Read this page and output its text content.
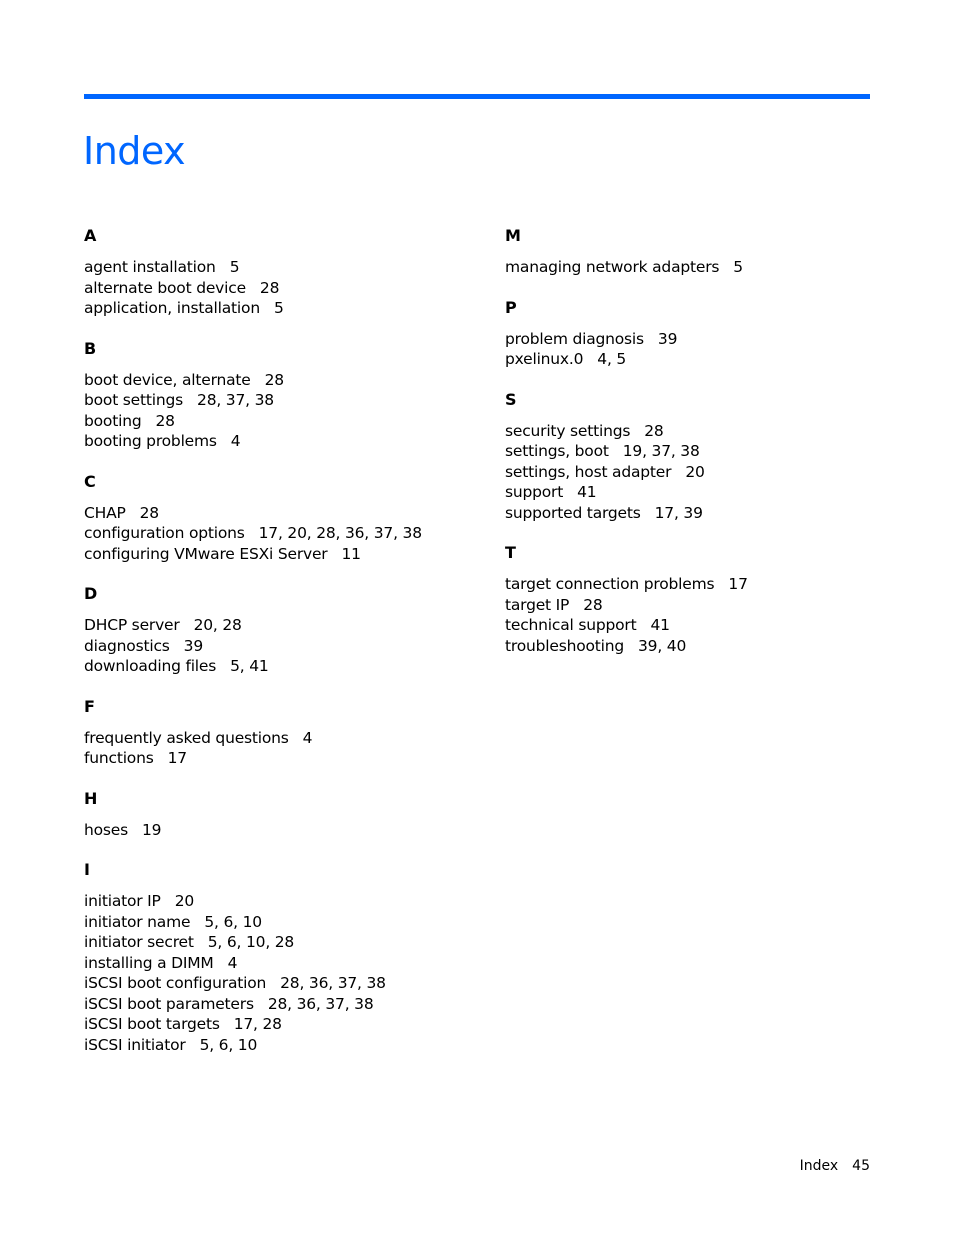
Index
A
agent installation 5
alternate boot device 28
application, installation 5
B
boot device, alternate 28
boot settings 28, 37, 38
booting 28
booting problems 4
C
CHAP 28
configuration options 17, 20, 28, 36, 37, 38
configuring VMware ESXi Server 11
D
DHCP server 20, 28
diagnostics 39
downloading files 5, 41
F
frequently asked questions 4
functions 17
H
hoses 19
I
initiator IP 20
initiator name 5, 6, 10
initiator secret 5, 6, 10, 28
installing a DIMM 4
iSCSI boot configuration 28, 36, 37, 38
iSCSI boot parameters 28, 36, 37, 38
iSCSI boot targets 17, 28
iSCSI initiator 5, 6, 10
M
managing network adapters 5
P
problem diagnosis 39
pxelinux.0 4, 5
S
security settings 28
settings, boot 19, 37, 38
settings, host adapter 20
support 41
supported targets 17, 39
T
target connection problems 17
target IP 28
technical support 41
troubleshooting 39, 40
Index 45
